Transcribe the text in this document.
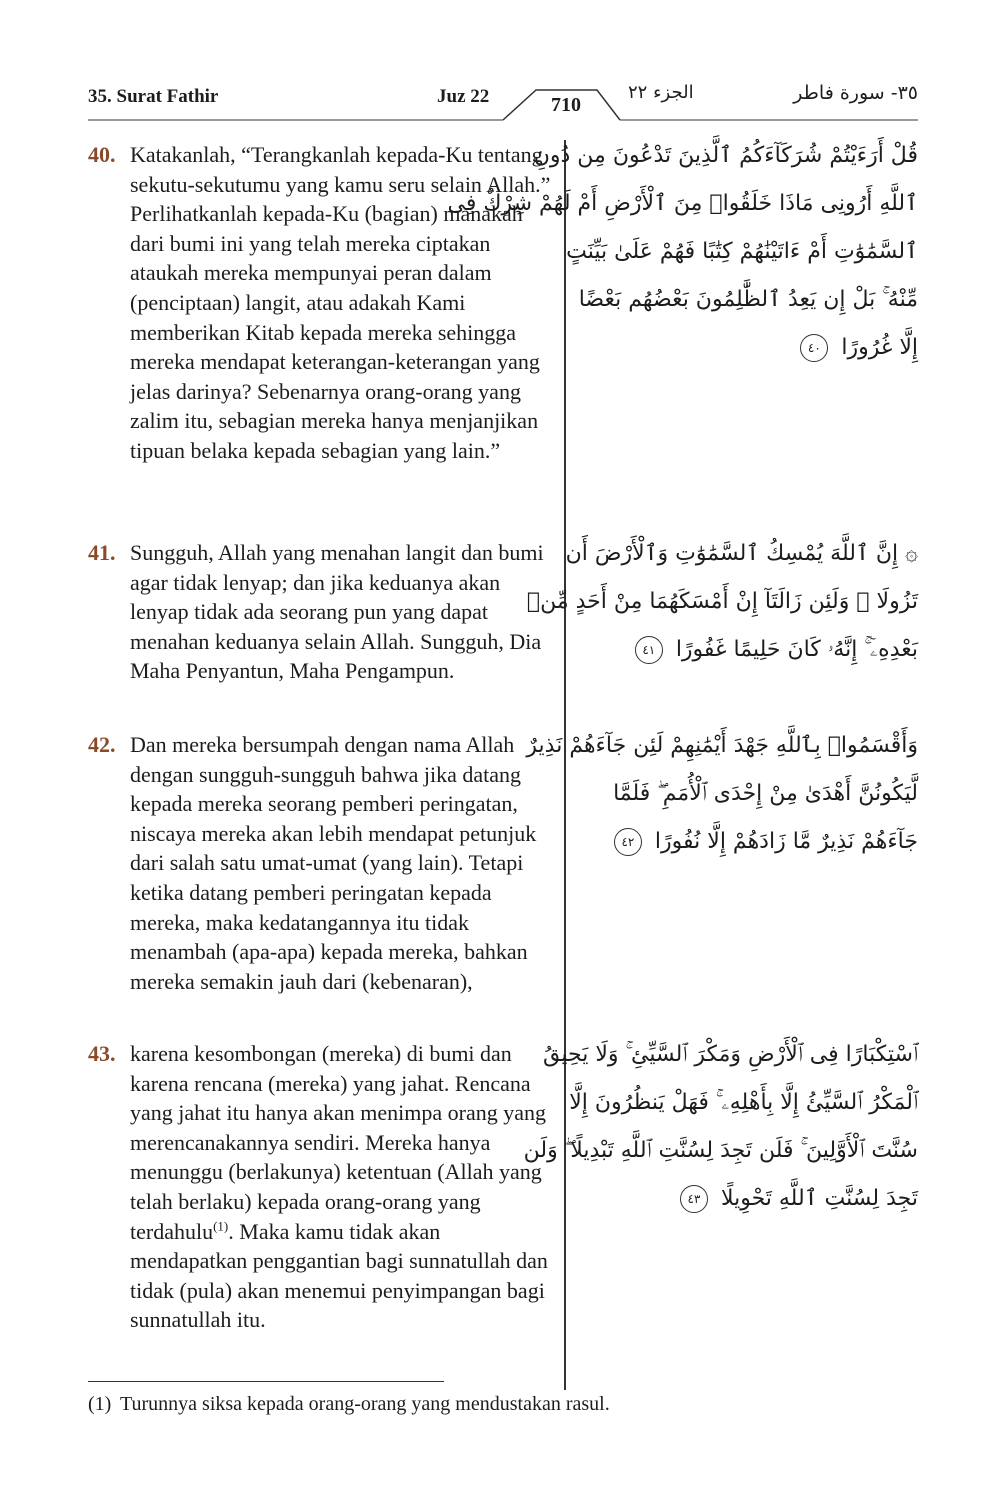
35. Surat Fathir	Juz 22	710
الجزء ٢٢	٣٥- سورة فاطر
40. Katakanlah, “Terangkanlah kepada-Ku tentang sekutu-sekutumu yang kamu seru selain Allah.” Perlihatkanlah kepada-Ku (bagian) manakah dari bumi ini yang telah mereka ciptakan ataukah mereka mempunyai peran dalam (penciptaan) langit, atau adakah Kami memberikan Kitab kepada mereka sehingga mereka mendapat keterangan-keterangan yang jelas darinya? Sebenarnya orang-orang yang zalim itu, sebagian mereka hanya menjanjikan tipuan belaka kepada sebagian yang lain.”
قُلْ أَرَءَيْتُمْ شُرَكَآءَكُمُ ٱلَّذِينَ تَدْعُونَ مِن دُونِ
ٱللَّهِ أَرُونِى مَاذَا خَلَقُوا۟ مِنَ ٱلْأَرْضِ أَمْ لَهُمْ شِرْكٌ فِى
ٱلسَّمَٰوَٰتِ أَمْ ءَاتَيْنَٰهُمْ كِتَٰبًا فَهُمْ عَلَىٰ بَيِّنَتٍ
مِّنْهُ ۚ بَلْ إِن يَعِدُ ٱلظَّٰلِمُونَ بَعْضُهُم بَعْضًا
إِلَّا غُرُورًا ٤٠
41. Sungguh, Allah yang menahan langit dan bumi agar tidak lenyap; dan jika keduanya akan lenyap tidak ada seorang pun yang dapat menahan keduanya selain Allah. Sungguh, Dia Maha Penyantun, Maha Pengampun.
۞ إِنَّ ٱللَّهَ يُمْسِكُ ٱلسَّمَٰوَٰتِ وَٱلْأَرْضَ أَن
تَزُولَا ۚ وَلَئِن زَالَتَآ إِنْ أَمْسَكَهُمَا مِنْ أَحَدٍ مِّنۢ
بَعْدِهِۦٓ ۚ إِنَّهُۥ كَانَ حَلِيمًا غَفُورًا ٤١
42. Dan mereka bersumpah dengan nama Allah dengan sungguh-sungguh bahwa jika datang kepada mereka seorang pemberi peringatan, niscaya mereka akan lebih mendapat petunjuk dari salah satu umat-umat (yang lain). Tetapi ketika datang pemberi peringatan kepada mereka, maka kedatangannya itu tidak menambah (apa-apa) kepada mereka, bahkan mereka semakin jauh dari (kebenaran),
وَأَقْسَمُوا۟ بِٱللَّهِ جَهْدَ أَيْمَٰنِهِمْ لَئِن جَآءَهُمْ نَذِيرٌ
لَّيَكُونُنَّ أَهْدَىٰ مِنْ إِحْدَى ٱلْأُمَمِ ۖ فَلَمَّا
جَآءَهُمْ نَذِيرٌ مَّا زَادَهُمْ إِلَّا نُفُورًا ٤٢
43. karena kesombongan (mereka) di bumi dan karena rencana (mereka) yang jahat. Rencana yang jahat itu hanya akan menimpa orang yang merencanakannya sendiri. Mereka hanya menunggu (berlakunya) ketentuan (Allah yang telah berlaku) kepada orang-orang yang terdahulu$^{(1)}$. Maka kamu tidak akan mendapatkan penggantian bagi sunnatullah dan tidak (pula) akan menemui penyimpangan bagi sunnatullah itu.
ٱسْتِكْبَارًا فِى ٱلْأَرْضِ وَمَكْرَ ٱلسَّيِّئِ ۚ وَلَا يَحِيقُ
ٱلْمَكْرُ ٱلسَّيِّئُ إِلَّا بِأَهْلِهِۦ ۚ فَهَلْ يَنظُرُونَ إِلَّا
سُنَّتَ ٱلْأَوَّلِينَ ۚ فَلَن تَجِدَ لِسُنَّتِ ٱللَّهِ تَبْدِيلًا ۖ وَلَن
تَجِدَ لِسُنَّتِ ٱللَّهِ تَحْوِيلًا ٤٣
(1) Turunnya siksa kepada orang-orang yang mendustakan rasul.
